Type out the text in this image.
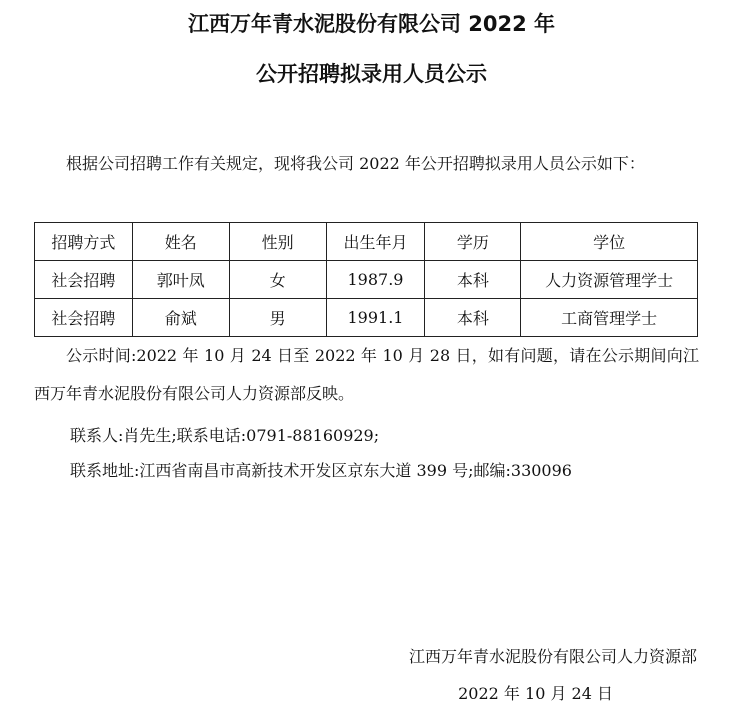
江西万年青水泥股份有限公司 2022 年
公开招聘拟录用人员公示

根据公司招聘工作有关规定，现将我公司 2022 年公开招聘拟录用人员公示如下：

招聘方式	姓名	性别	出生年月	学历	学位
社会招聘	郭叶凤	女	1987.9	本科	人力资源管理学士
社会招聘	俞斌	男	1991.1	本科	工商管理学士

公示时间:2022 年 10 月 24 日至 2022 年 10 月 28 日，如有问题，请在公示期间向江西万年青水泥股份有限公司人力资源部反映。

联系人:肖先生;联系电话:0791-88160929;

联系地址:江西省南昌市高新技术开发区京东大道 399 号;邮编:330096

江西万年青水泥股份有限公司人力资源部

2022 年 10 月 24 日
